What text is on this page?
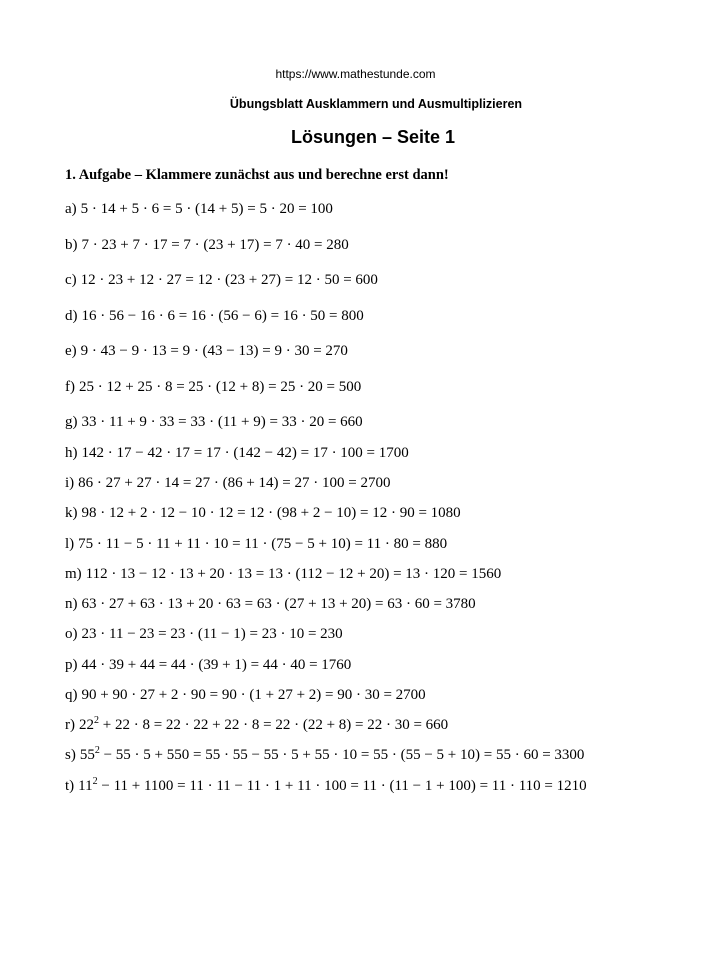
https://www.mathestunde.com
Übungsblatt Ausklammern und Ausmultiplizieren
Lösungen – Seite 1
1. Aufgabe – Klammere zunächst aus und berechne erst dann!
a) 5 · 14 + 5 · 6 = 5 · (14 + 5) = 5 · 20 = 100
b) 7 · 23 + 7 · 17 = 7 · (23 + 17) = 7 · 40 = 280
c) 12 · 23 + 12 · 27 = 12 · (23 + 27) = 12 · 50 = 600
d) 16 · 56 − 16 · 6 = 16 · (56 − 6) = 16 · 50 = 800
e) 9 · 43 − 9 · 13 = 9 · (43 − 13) = 9 · 30 = 270
f) 25 · 12 + 25 · 8 = 25 · (12 + 8) = 25 · 20 = 500
g) 33 · 11 + 9 · 33 = 33 · (11 + 9) = 33 · 20 = 660
h) 142 · 17 − 42 · 17 = 17 · (142 − 42) = 17 · 100 = 1700
i) 86 · 27 + 27 · 14 = 27 · (86 + 14) = 27 · 100 = 2700
k) 98 · 12 + 2 · 12 − 10 · 12 = 12 · (98 + 2 − 10) = 12 · 90 = 1080
l) 75 · 11 − 5 · 11 + 11 · 10 = 11 · (75 − 5 + 10) = 11 · 80 = 880
m) 112 · 13 − 12 · 13 + 20 · 13 = 13 · (112 − 12 + 20) = 13 · 120 = 1560
n) 63 · 27 + 63 · 13 + 20 · 63 = 63 · (27 + 13 + 20) = 63 · 60 = 3780
o) 23 · 11 − 23 = 23 · (11 − 1) = 23 · 10 = 230
p) 44 · 39 + 44 = 44 · (39 + 1) = 44 · 40 = 1760
q) 90 + 90 · 27 + 2 · 90 = 90 · (1 + 27 + 2) = 90 · 30 = 2700
r) $22^2 + 22 \cdot 8 = 22 \cdot 22 + 22 \cdot 8 = 22 \cdot (22 + 8) = 22 \cdot 30 = 660$
s) $55^2 - 55 \cdot 5 + 550 = 55 \cdot 55 - 55 \cdot 5 + 55 \cdot 10 = 55 \cdot (55 - 5 + 10) = 55 \cdot 60 = 3300$
t) $11^2 - 11 + 1100 = 11 \cdot 11 - 11 \cdot 1 + 11 \cdot 100 = 11 \cdot (11 - 1 + 100) = 11 \cdot 110 = 1210$
